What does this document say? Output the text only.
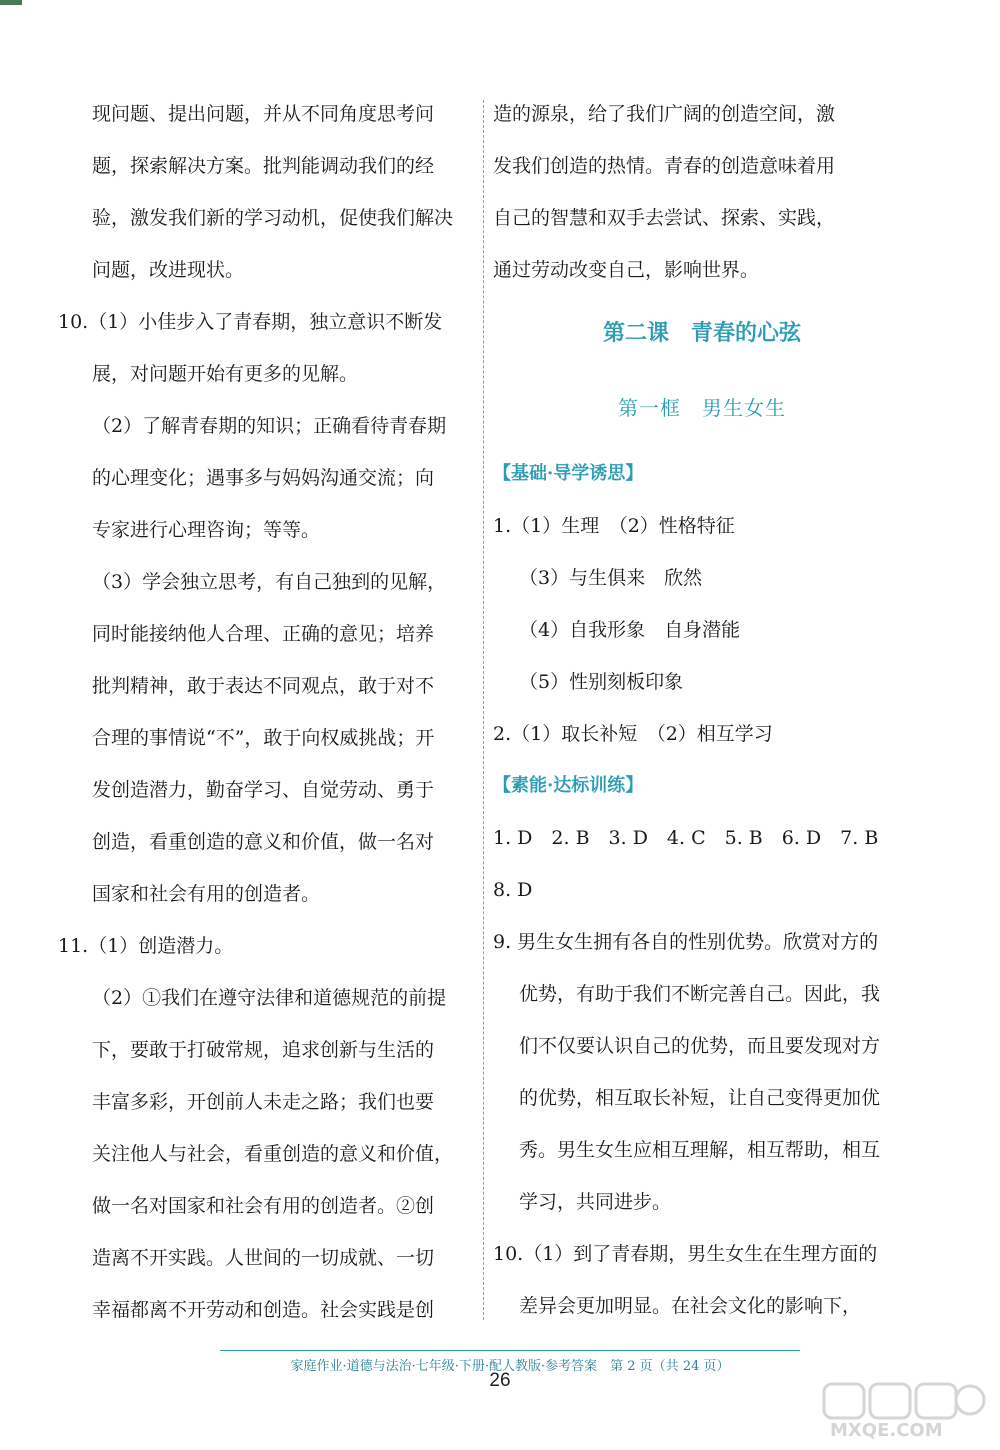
现问题、提出问题，并从不同角度思考问
题，探索解决方案。批判能调动我们的经
验，激发我们新的学习动机，促使我们解决
问题，改进现状。
10.（1）小佳步入了青春期，独立意识不断发
展，对问题开始有更多的见解。
（2）了解青春期的知识；正确看待青春期
的心理变化；遇事多与妈妈沟通交流；向
专家进行心理咨询；等等。
（3）学会独立思考，有自己独到的见解，
同时能接纳他人合理、正确的意见；培养
批判精神，敢于表达不同观点，敢于对不
合理的事情说“不”，敢于向权威挑战；开
发创造潜力，勤奋学习、自觉劳动、勇于
创造，看重创造的意义和价值，做一名对
国家和社会有用的创造者。
11.（1）创造潜力。
（2）①我们在遵守法律和道德规范的前提
下，要敢于打破常规，追求创新与生活的
丰富多彩，开创前人未走之路；我们也要
关注他人与社会，看重创造的意义和价值，
做一名对国家和社会有用的创造者。②创
造离不开实践。人世间的一切成就、一切
幸福都离不开劳动和创造。社会实践是创
造的源泉，给了我们广阔的创造空间，激
发我们创造的热情。青春的创造意味着用
自己的智慧和双手去尝试、探索、实践，
通过劳动改变自己，影响世界。
第二课　青春的心弦
第一框　男生女生
【基础·导学诱思】
1.（1）生理　（2）性格特征
（3）与生俱来　欣然
（4）自我形象　自身潜能
（5）性别刻板印象
2.（1）取长补短　（2）相互学习
【素能·达标训练】
1. D　2. B　3. D　4. C　5. B　6. D　7. B
8. D
9. 男生女生拥有各自的性别优势。欣赏对方的
优势，有助于我们不断完善自己。因此，我
们不仅要认识自己的优势，而且要发现对方
的优势，相互取长补短，让自己变得更加优
秀。男生女生应相互理解，相互帮助，相互
学习，共同进步。
10.（1）到了青春期，男生女生在生理方面的
差异会更加明显。在社会文化的影响下，
家庭作业·道德与法治·七年级·下册·配人教版·参考答案　第 2 页（共 24 页）
26
MXQE.COM
